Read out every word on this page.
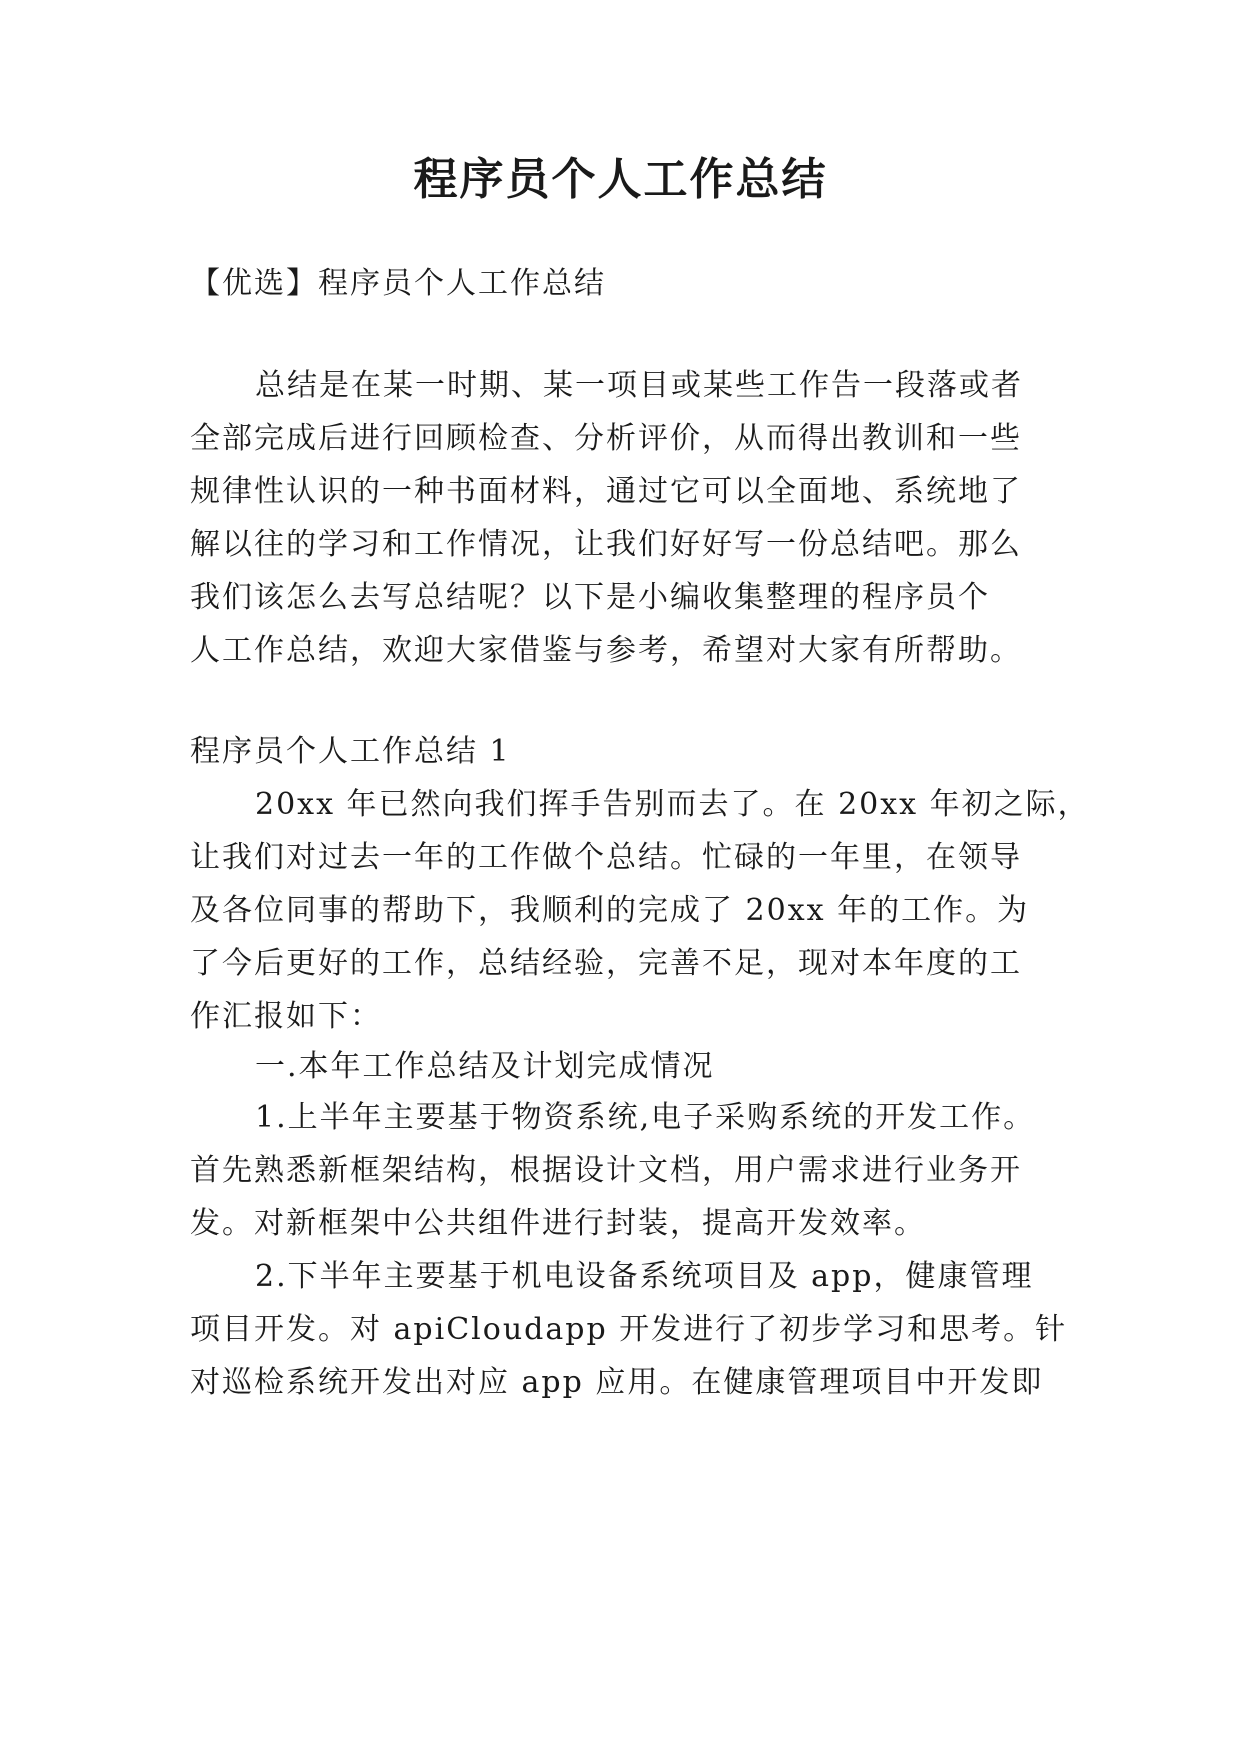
程序员个人工作总结

【优选】程序员个人工作总结

总结是在某一时期、某一项目或某些工作告一段落或者

全部完成后进行回顾检查、分析评价，从而得出教训和一些

规律性认识的一种书面材料，通过它可以全面地、系统地了

解以往的学习和工作情况，让我们好好写一份总结吧。那么

我们该怎么去写总结呢？以下是小编收集整理的程序员个

人工作总结，欢迎大家借鉴与参考，希望对大家有所帮助。

程序员个人工作总结 1

20xx 年已然向我们挥手告别而去了。在 20xx 年初之际，

让我们对过去一年的工作做个总结。忙碌的一年里，在领导

及各位同事的帮助下，我顺利的完成了 20xx 年的工作。为

了今后更好的工作，总结经验，完善不足，现对本年度的工

作汇报如下：

一.本年工作总结及计划完成情况

1.上半年主要基于物资系统,电子采购系统的开发工作。

首先熟悉新框架结构，根据设计文档，用户需求进行业务开

发。对新框架中公共组件进行封装，提高开发效率。

2.下半年主要基于机电设备系统项目及 app，健康管理

项目开发。对 apiCloudapp 开发进行了初步学习和思考。针

对巡检系统开发出对应 app 应用。在健康管理项目中开发即
